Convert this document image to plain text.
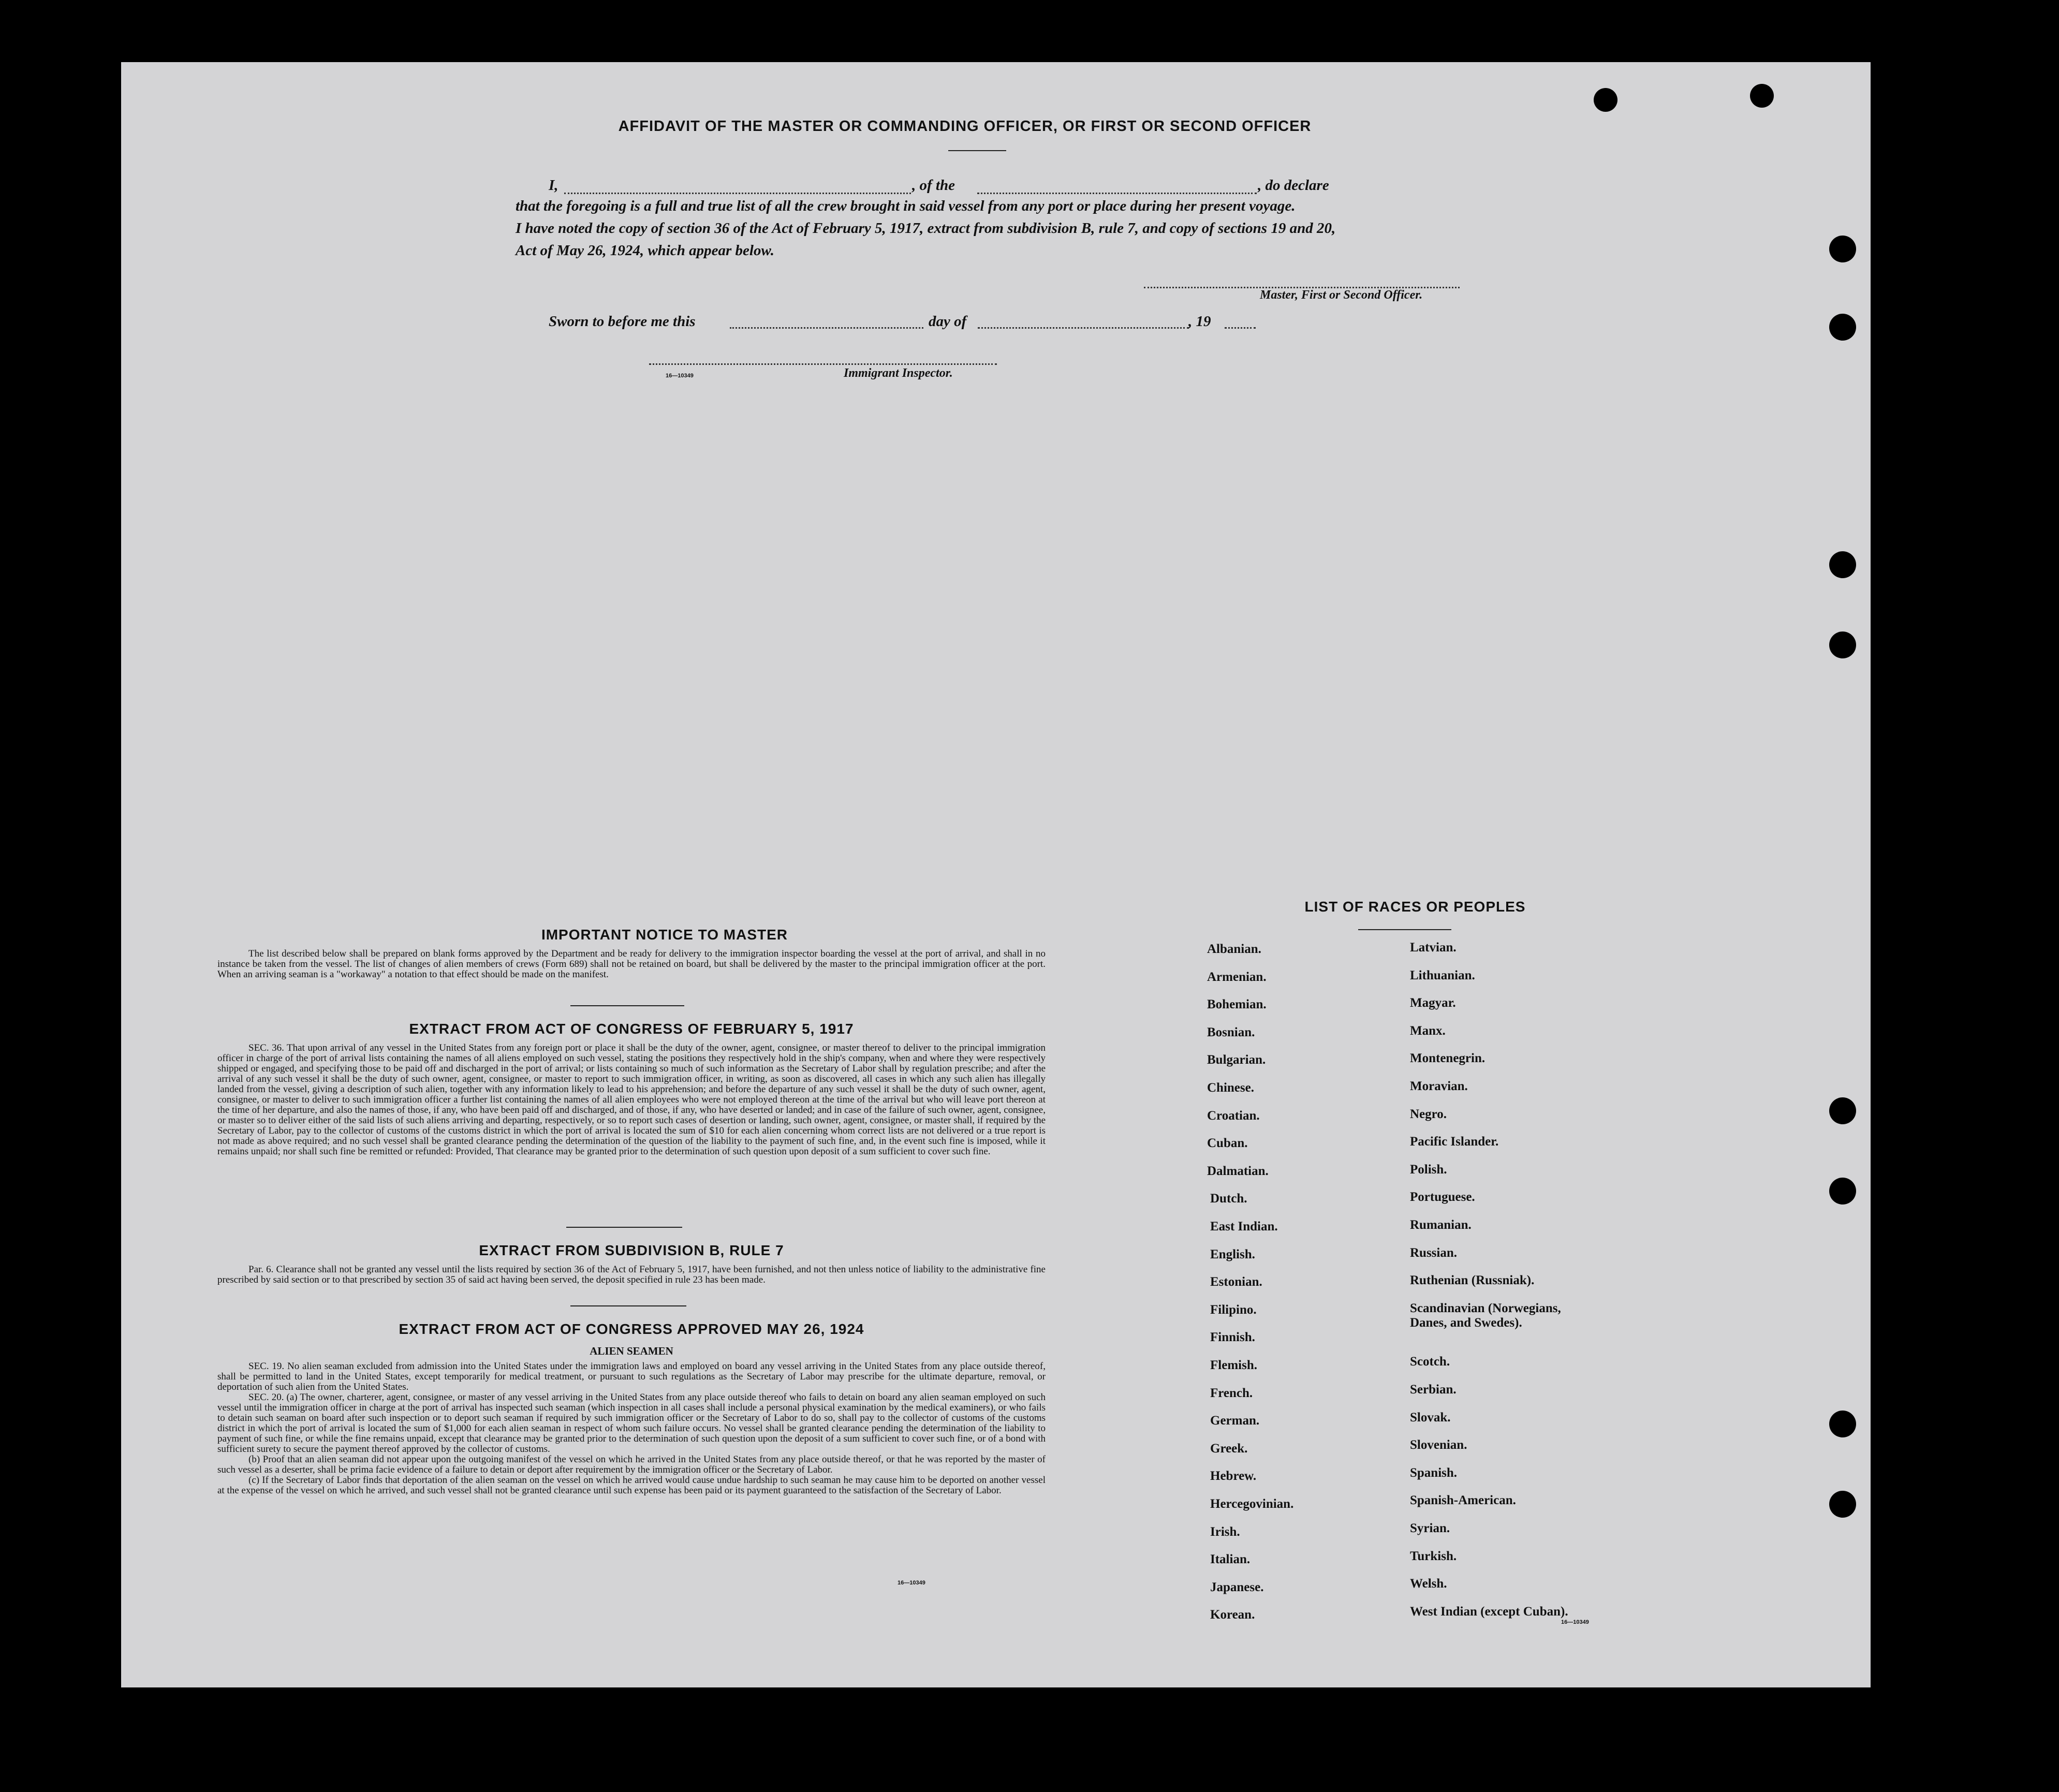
AFFIDAVIT OF THE MASTER OR COMMANDING OFFICER, OR FIRST OR SECOND OFFICER
I,	, of the	, do declare
that the foregoing is a full and true list of all the crew brought in said vessel from any port or place during her present voyage.
I have noted the copy of section 36 of the Act of February 5, 1917, extract from subdivision B, rule 7, and copy of sections 19 and 20,
Act of May 26, 1924, which appear below.
Master, First or Second Officer.
Sworn to before me this	day of	, 19
16—10349	Immigrant Inspector.
IMPORTANT NOTICE TO MASTER
The list described below shall be prepared on blank forms approved by the Department and be ready for delivery to the immigration inspector boarding the vessel at the port of arrival, and shall in no instance be taken from the vessel. The list of changes of alien members of crews (Form 689) shall not be retained on board, but shall be delivered by the master to the principal immigration officer at the port. When an arriving seaman is a "workaway" a notation to that effect should be made on the manifest.
EXTRACT FROM ACT OF CONGRESS OF FEBRUARY 5, 1917
SEC. 36. That upon arrival of any vessel in the United States from any foreign port or place it shall be the duty of the owner, agent, consignee, or master thereof to deliver to the principal immigration officer in charge of the port of arrival lists containing the names of all aliens employed on such vessel, stating the positions they respectively hold in the ship's company, when and where they were respectively shipped or engaged, and specifying those to be paid off and discharged in the port of arrival; or lists containing so much of such information as the Secretary of Labor shall by regulation prescribe; and after the arrival of any such vessel it shall be the duty of such owner, agent, consignee, or master to report to such immigration officer, in writing, as soon as discovered, all cases in which any such alien has illegally landed from the vessel, giving a description of such alien, together with any information likely to lead to his apprehension; and before the departure of any such vessel it shall be the duty of such owner, agent, consignee, or master to deliver to such immigration officer a further list containing the names of all alien employees who were not employed thereon at the time of the arrival but who will leave port thereon at the time of her departure, and also the names of those, if any, who have been paid off and discharged, and of those, if any, who have deserted or landed; and in case of the failure of such owner, agent, consignee, or master so to deliver either of the said lists of such aliens arriving and departing, respectively, or so to report such cases of desertion or landing, such owner, agent, consignee, or master shall, if required by the Secretary of Labor, pay to the collector of customs of the customs district in which the port of arrival is located the sum of $10 for each alien concerning whom correct lists are not delivered or a true report is not made as above required; and no such vessel shall be granted clearance pending the determination of the question of the liability to the payment of such fine, and, in the event such fine is imposed, while it remains unpaid; nor shall such fine be remitted or refunded: Provided, That clearance may be granted prior to the determination of such question upon deposit of a sum sufficient to cover such fine.
EXTRACT FROM SUBDIVISION B, RULE 7
Par. 6. Clearance shall not be granted any vessel until the lists required by section 36 of the Act of February 5, 1917, have been furnished, and not then unless notice of liability to the administrative fine prescribed by said section or to that prescribed by section 35 of said act having been served, the deposit specified in rule 23 has been made.
EXTRACT FROM ACT OF CONGRESS APPROVED MAY 26, 1924
ALIEN SEAMEN
SEC. 19. No alien seaman excluded from admission into the United States under the immigration laws and employed on board any vessel arriving in the United States from any place outside thereof, shall be permitted to land in the United States, except temporarily for medical treatment, or pursuant to such regulations as the Secretary of Labor may prescribe for the ultimate departure, removal, or deportation of such alien from the United States.
SEC. 20. (a) The owner, charterer, agent, consignee, or master of any vessel arriving in the United States from any place outside thereof who fails to detain on board any alien seaman employed on such vessel until the immigration officer in charge at the port of arrival has inspected such seaman (which inspection in all cases shall include a personal physical examination by the medical examiners), or who fails to detain such seaman on board after such inspection or to deport such seaman if required by such immigration officer or the Secretary of Labor to do so, shall pay to the collector of customs of the customs district in which the port of arrival is located the sum of $1,000 for each alien seaman in respect of whom such failure occurs. No vessel shall be granted clearance pending the determination of the liability to payment of such fine, or while the fine remains unpaid, except that clearance may be granted prior to the determination of such question upon the deposit of a sum sufficient to cover such fine, or of a bond with sufficient surety to secure the payment thereof approved by the collector of customs.
(b) Proof that an alien seaman did not appear upon the outgoing manifest of the vessel on which he arrived in the United States from any place outside thereof, or that he was reported by the master of such vessel as a deserter, shall be prima facie evidence of a failure to detain or deport after requirement by the immigration officer or the Secretary of Labor.
(c) If the Secretary of Labor finds that deportation of the alien seaman on the vessel on which he arrived would cause undue hardship to such seaman he may cause him to be deported on another vessel at the expense of the vessel on which he arrived, and such vessel shall not be granted clearance until such expense has been paid or its payment guaranteed to the satisfaction of the Secretary of Labor.
16—10349
LIST OF RACES OR PEOPLES
16—10349
Albanian.
Armenian.
Bohemian.
Bosnian.
Bulgarian.
Chinese.
Croatian.
Cuban.
Dalmatian.
Dutch.
East Indian.
English.
Estonian.
Filipino.
Finnish.
Flemish.
French.
German.
Greek.
Hebrew.
Hercegovinian.
Irish.
Italian.
Japanese.
Korean.
Latvian.
Lithuanian.
Magyar.
Manx.
Montenegrin.
Moravian.
Negro.
Pacific Islander.
Polish.
Portuguese.
Rumanian.
Russian.
Ruthenian (Russniak).
Scandinavian (Norwegians,
Danes, and Swedes).
Scotch.
Serbian.
Slovak.
Slovenian.
Spanish.
Spanish-American.
Syrian.
Turkish.
Welsh.
West Indian (except Cuban).
